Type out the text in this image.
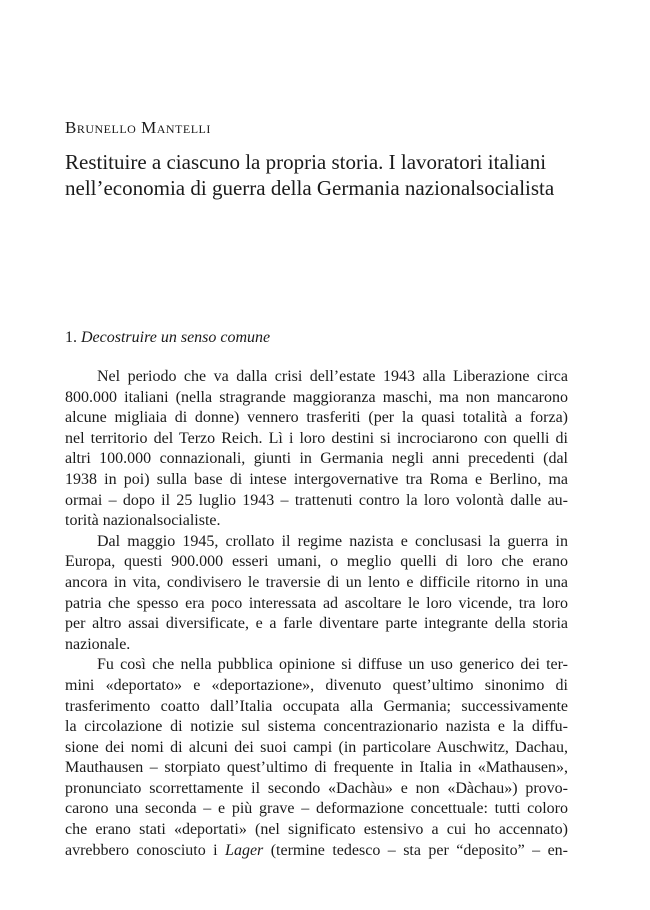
Brunello Mantelli
Restituire a ciascuno la propria storia. I lavoratori italiani
nell’economia di guerra della Germania nazionalsocialista
1. Decostruire un senso comune
Nel periodo che va dalla crisi dell’estate 1943 alla Liberazione circa
800.000 italiani (nella stragrande maggioranza maschi, ma non mancarono
alcune migliaia di donne) vennero trasferiti (per la quasi totalità a forza)
nel territorio del Terzo Reich. Lì i loro destini si incrociarono con quelli di
altri 100.000 connazionali, giunti in Germania negli anni precedenti (dal
1938 in poi) sulla base di intese intergovernative tra Roma e Berlino, ma
ormai – dopo il 25 luglio 1943 – trattenuti contro la loro volontà dalle au-
torità nazionalsocialiste.
Dal maggio 1945, crollato il regime nazista e conclusasi la guerra in
Europa, questi 900.000 esseri umani, o meglio quelli di loro che erano
ancora in vita, condivisero le traversie di un lento e difficile ritorno in una
patria che spesso era poco interessata ad ascoltare le loro vicende, tra loro
per altro assai diversificate, e a farle diventare parte integrante della storia
nazionale.
Fu così che nella pubblica opinione si diffuse un uso generico dei ter-
mini «deportato» e «deportazione», divenuto quest’ultimo sinonimo di
trasferimento coatto dall’Italia occupata alla Germania; successivamente
la circolazione di notizie sul sistema concentrazionario nazista e la diffu-
sione dei nomi di alcuni dei suoi campi (in particolare Auschwitz, Dachau,
Mauthausen – storpiato quest’ultimo di frequente in Italia in «Mathausen»,
pronunciato scorrettamente il secondo «Dachàu» e non «Dàchau») provo-
carono una seconda – e più grave – deformazione concettuale: tutti coloro
che erano stati «deportati» (nel significato estensivo a cui ho accennato)
avrebbero conosciuto i Lager (termine tedesco – sta per “deposito” – en-
